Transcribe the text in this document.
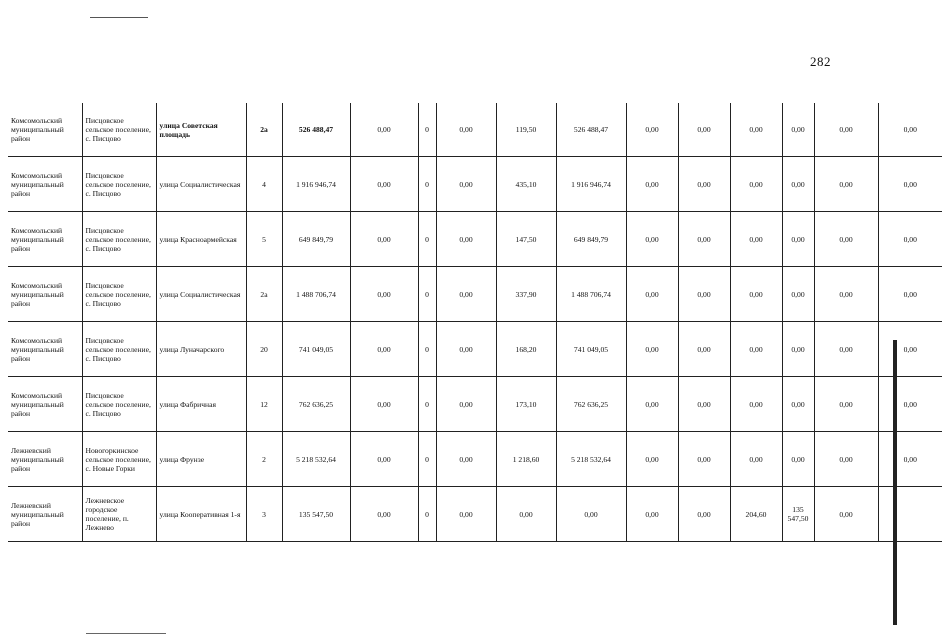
282
Комсомольский муниципальный район	Писцовское сельское поселение, с. Писцово	улица Советская площадь	2а	526 488,47	0,00	0	0,00	119,50	526 488,47	0,00	0,00	0,00	0,00	0,00	0,00
Комсомольский муниципальный район	Писцовское сельское поселение, с. Писцово	улица Социалистическая	4	1 916 946,74	0,00	0	0,00	435,10	1 916 946,74	0,00	0,00	0,00	0,00	0,00	0,00
Комсомольский муниципальный район	Писцовское сельское поселение, с. Писцово	улица Красноармейская	5	649 849,79	0,00	0	0,00	147,50	649 849,79	0,00	0,00	0,00	0,00	0,00	0,00
Комсомольский муниципальный район	Писцовское сельское поселение, с. Писцово	улица Социалистическая	2а	1 488 706,74	0,00	0	0,00	337,90	1 488 706,74	0,00	0,00	0,00	0,00	0,00	0,00
Комсомольский муниципальный район	Писцовское сельское поселение, с. Писцово	улица Луначарского	20	741 049,05	0,00	0	0,00	168,20	741 049,05	0,00	0,00	0,00	0,00	0,00	0,00
Комсомольский муниципальный район	Писцовское сельское поселение, с. Писцово	улица Фабричная	12	762 636,25	0,00	0	0,00	173,10	762 636,25	0,00	0,00	0,00	0,00	0,00	0,00
Лежневский муниципальный район	Новогоркинское сельское поселение, с. Новые Горки	улица Фрунзе	2	5 218 532,64	0,00	0	0,00	1 218,60	5 218 532,64	0,00	0,00	0,00	0,00	0,00	0,00
Лежневский муниципальный район	Лежневское городское поселение, п. Лежнево	улица Кооперативная 1-я	3	135 547,50	0,00	0	0,00	0,00	0,00	0,00	0,00	204,60	135 547,50	0,00	
